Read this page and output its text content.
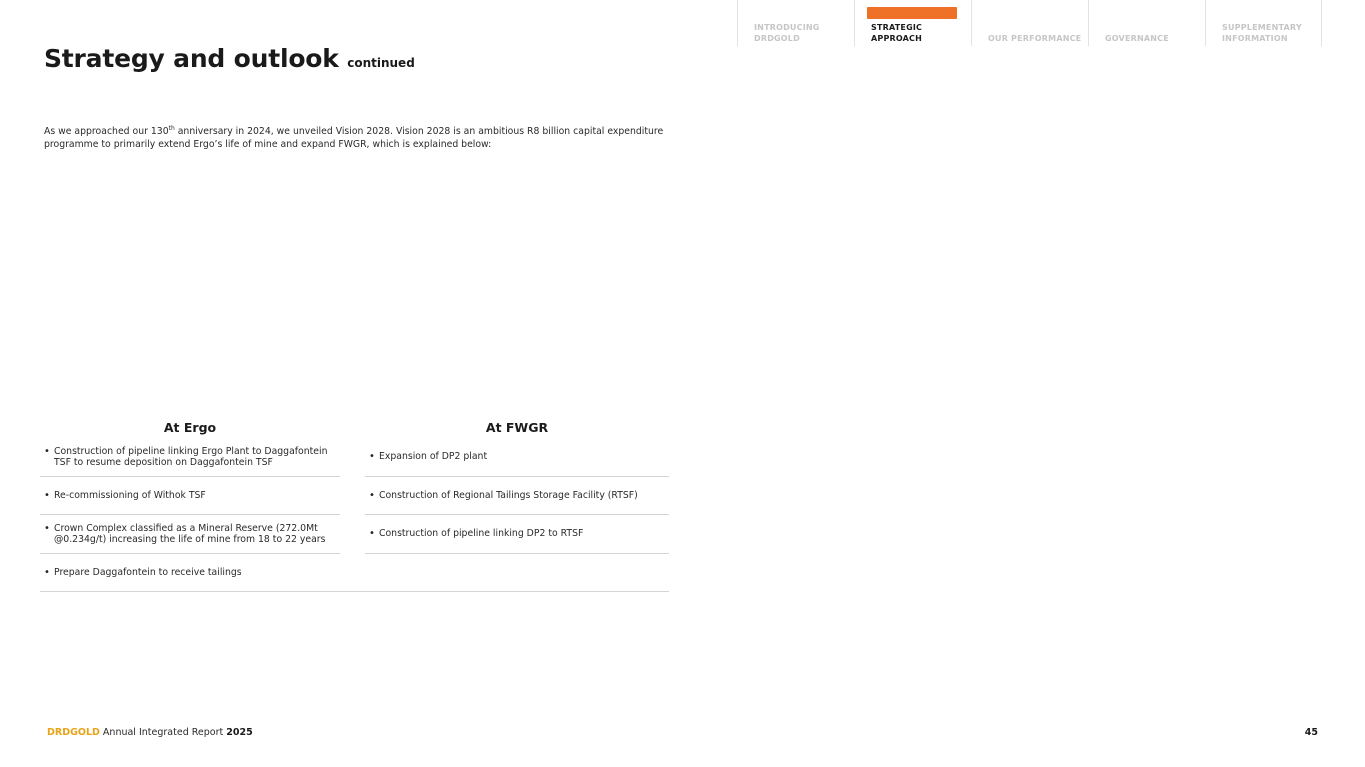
INTRODUCING DRDGOLD
STRATEGIC APPROACH	OUR PERFORMANCE	GOVERNANCE
SUPPLEMENTARY INFORMATION
Strategy and outlook continued

As we approached our 130th anniversary in 2024, we unveiled Vision 2028. Vision 2028 is an ambitious R8 billion capital expenditure programme to primarily extend Ergo’s life of mine and expand FWGR, which is explained below:

At Ergo
• Construction of pipeline linking Ergo Plant to Daggafontein TSF to resume deposition on Daggafontein TSF
• Re-commissioning of Withok TSF
• Crown Complex classified as a Mineral Reserve (272.0Mt @0.234g/t) increasing the life of mine from 18 to 22 years
• Prepare Daggafontein to receive tailings
At FWGR
• Expansion of DP2 plant
• Construction of Regional Tailings Storage Facility (RTSF)
• Construction of pipeline linking DP2 to RTSF
DRDGOLD Annual Integrated Report 2025	45
